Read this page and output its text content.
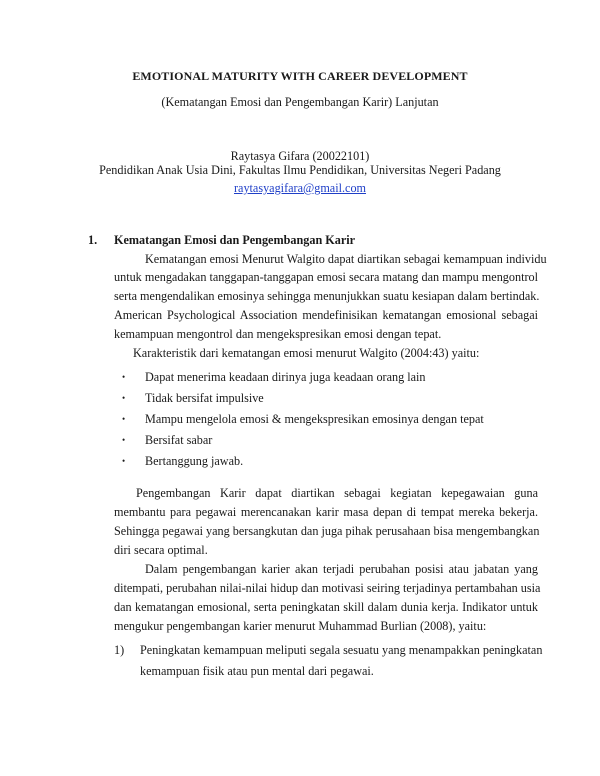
EMOTIONAL MATURITY WITH CAREER DEVELOPMENT
(Kematangan Emosi dan Pengembangan Karir) Lanjutan
Raytasya Gifara (20022101)
Pendidikan Anak Usia Dini, Fakultas Ilmu Pendidikan, Universitas Negeri Padang
raytasyagifara@gmail.com
1. Kematangan Emosi dan Pengembangan Karir
Kematangan emosi Menurut Walgito dapat diartikan sebagai kemampuan individu
untuk mengadakan tanggapan-tanggapan emosi secara matang dan mampu mengontrol
serta mengendalikan emosinya sehingga menunjukkan suatu kesiapan dalam bertindak.
American Psychological Association mendefinisikan kematangan emosional sebagai
kemampuan mengontrol dan mengekspresikan emosi dengan tepat.
Karakteristik dari kematangan emosi menurut Walgito (2004:43) yaitu:
• Dapat menerima keadaan dirinya juga keadaan orang lain
• Tidak bersifat impulsive
• Mampu mengelola emosi & mengekspresikan emosinya dengan tepat
• Bersifat sabar
• Bertanggung jawab.
Pengembangan Karir dapat diartikan sebagai kegiatan kepegawaian guna
membantu para pegawai merencanakan karir masa depan di tempat mereka bekerja.
Sehingga pegawai yang bersangkutan dan juga pihak perusahaan bisa mengembangkan
diri secara optimal.
Dalam pengembangan karier akan terjadi perubahan posisi atau jabatan yang
ditempati, perubahan nilai-nilai hidup dan motivasi seiring terjadinya pertambahan usia
dan kematangan emosional, serta peningkatan skill dalam dunia kerja. Indikator untuk
mengukur pengembangan karier menurut Muhammad Burlian (2008), yaitu:
1) Peningkatan kemampuan meliputi segala sesuatu yang menampakkan peningkatan
kemampuan fisik atau pun mental dari pegawai.
